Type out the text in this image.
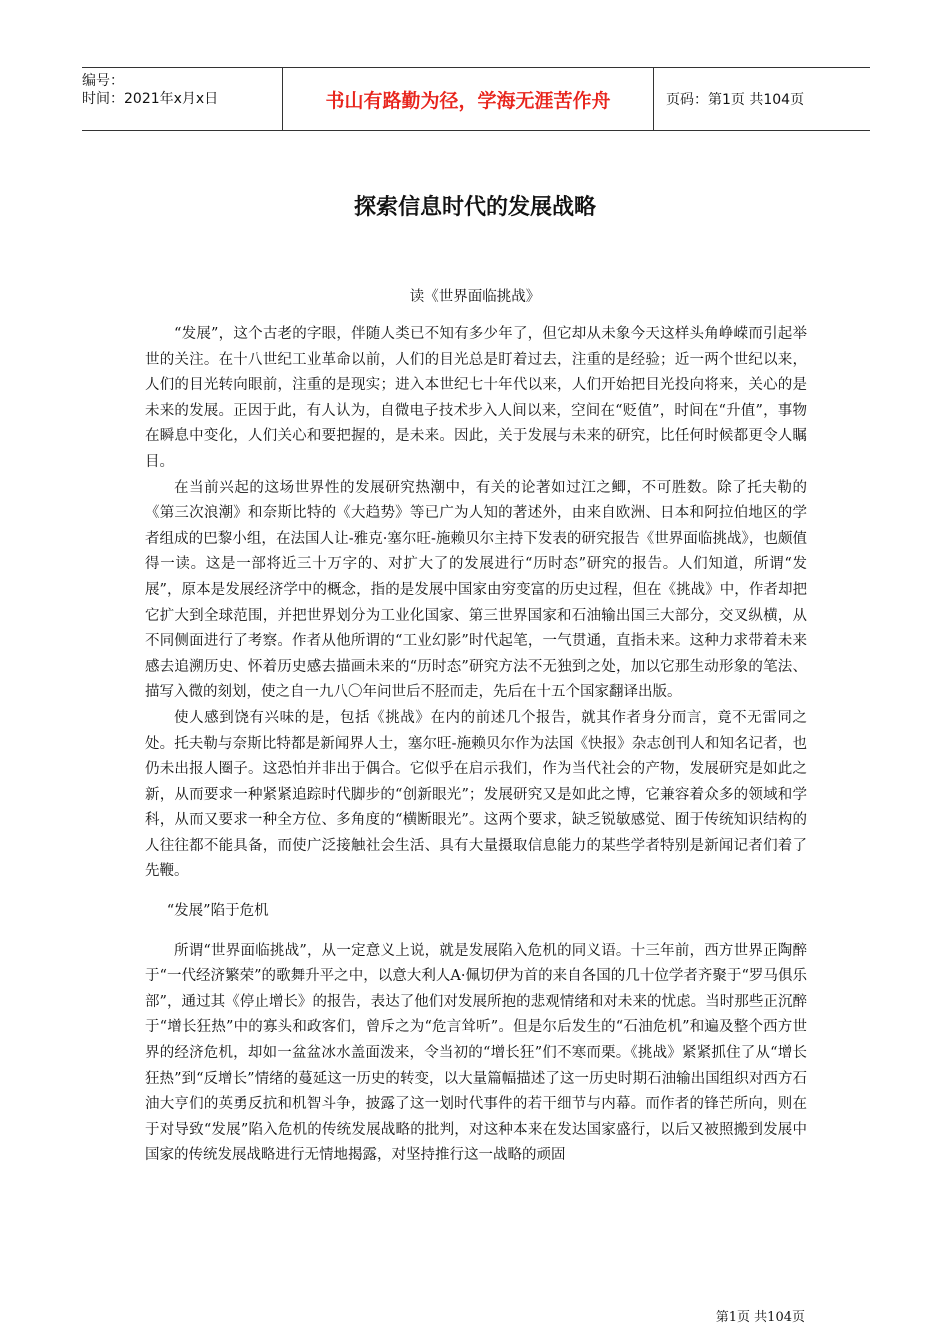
编号：
时间：2021年x月x日	书山有路勤为径，学海无涯苦作舟	页码：第1页 共104页
探索信息时代的发展战略
读《世界面临挑战》

“发展”，这个古老的字眼，伴随人类已不知有多少年了，但它却从未象今天这样头角峥嵘而引起举世的关注。在十八世纪工业革命以前，人们的目光总是盯着过去，注重的是经验；近一两个世纪以来，人们的目光转向眼前，注重的是现实；进入本世纪七十年代以来，人们开始把目光投向将来，关心的是未来的发展。正因于此，有人认为，自微电子技术步入人间以来，空间在“贬值”，时间在“升值”，事物在瞬息中变化，人们关心和要把握的，是未来。因此，关于发展与未来的研究，比任何时候都更令人瞩目。

在当前兴起的这场世界性的发展研究热潮中，有关的论著如过江之鲫，不可胜数。除了托夫勒的《第三次浪潮》和奈斯比特的《大趋势》等已广为人知的著述外，由来自欧洲、日本和阿拉伯地区的学者组成的巴黎小组，在法国人让-雅克·塞尔旺-施赖贝尔主持下发表的研究报告《世界面临挑战》，也颇值得一读。这是一部将近三十万字的、对扩大了的发展进行“历时态”研究的报告。人们知道，所谓“发展”，原本是发展经济学中的概念，指的是发展中国家由穷变富的历史过程，但在《挑战》中，作者却把它扩大到全球范围，并把世界划分为工业化国家、第三世界国家和石油输出国三大部分，交叉纵横，从不同侧面进行了考察。作者从他所谓的“工业幻影”时代起笔，一气贯通，直指未来。这种力求带着未来感去追溯历史、怀着历史感去描画未来的“历时态”研究方法不无独到之处，加以它那生动形象的笔法、描写入微的刻划，使之自一九八〇年问世后不胫而走，先后在十五个国家翻译出版。

使人感到饶有兴味的是，包括《挑战》在内的前述几个报告，就其作者身分而言，竟不无雷同之处。托夫勒与奈斯比特都是新闻界人士，塞尔旺-施赖贝尔作为法国《快报》杂志创刊人和知名记者，也仍未出报人圈子。这恐怕并非出于偶合。它似乎在启示我们，作为当代社会的产物，发展研究是如此之新，从而要求一种紧紧追踪时代脚步的“创新眼光”；发展研究又是如此之博，它兼容着众多的领域和学科，从而又要求一种全方位、多角度的“横断眼光”。这两个要求，缺乏锐敏感觉、囿于传统知识结构的人往往都不能具备，而使广泛接触社会生活、具有大量摄取信息能力的某些学者特别是新闻记者们着了先鞭。

“发展”陷于危机

所谓“世界面临挑战”，从一定意义上说，就是发展陷入危机的同义语。十三年前，西方世界正陶醉于“一代经济繁荣”的歌舞升平之中，以意大利人A·佩切伊为首的来自各国的几十位学者齐聚于“罗马俱乐部”，通过其《停止增长》的报告，表达了他们对发展所抱的悲观情绪和对未来的忧虑。当时那些正沉醉于“增长狂热”中的寡头和政客们，曾斥之为“危言耸听”。但是尔后发生的“石油危机”和遍及整个西方世界的经济危机，却如一盆盆冰水盖面泼来，令当初的“增长狂”们不寒而栗。《挑战》紧紧抓住了从“增长狂热”到“反增长”情绪的蔓延这一历史的转变，以大量篇幅描述了这一历史时期石油输出国组织对西方石油大亨们的英勇反抗和机智斗争，披露了这一划时代事件的若干细节与内幕。而作者的锋芒所向，则在于对导致“发展”陷入危机的传统发展战略的批判，对这种本来在发达国家盛行，以后又被照搬到发展中国家的传统发展战略进行无情地揭露，对坚持推行这一战略的顽固

第1页 共104页
